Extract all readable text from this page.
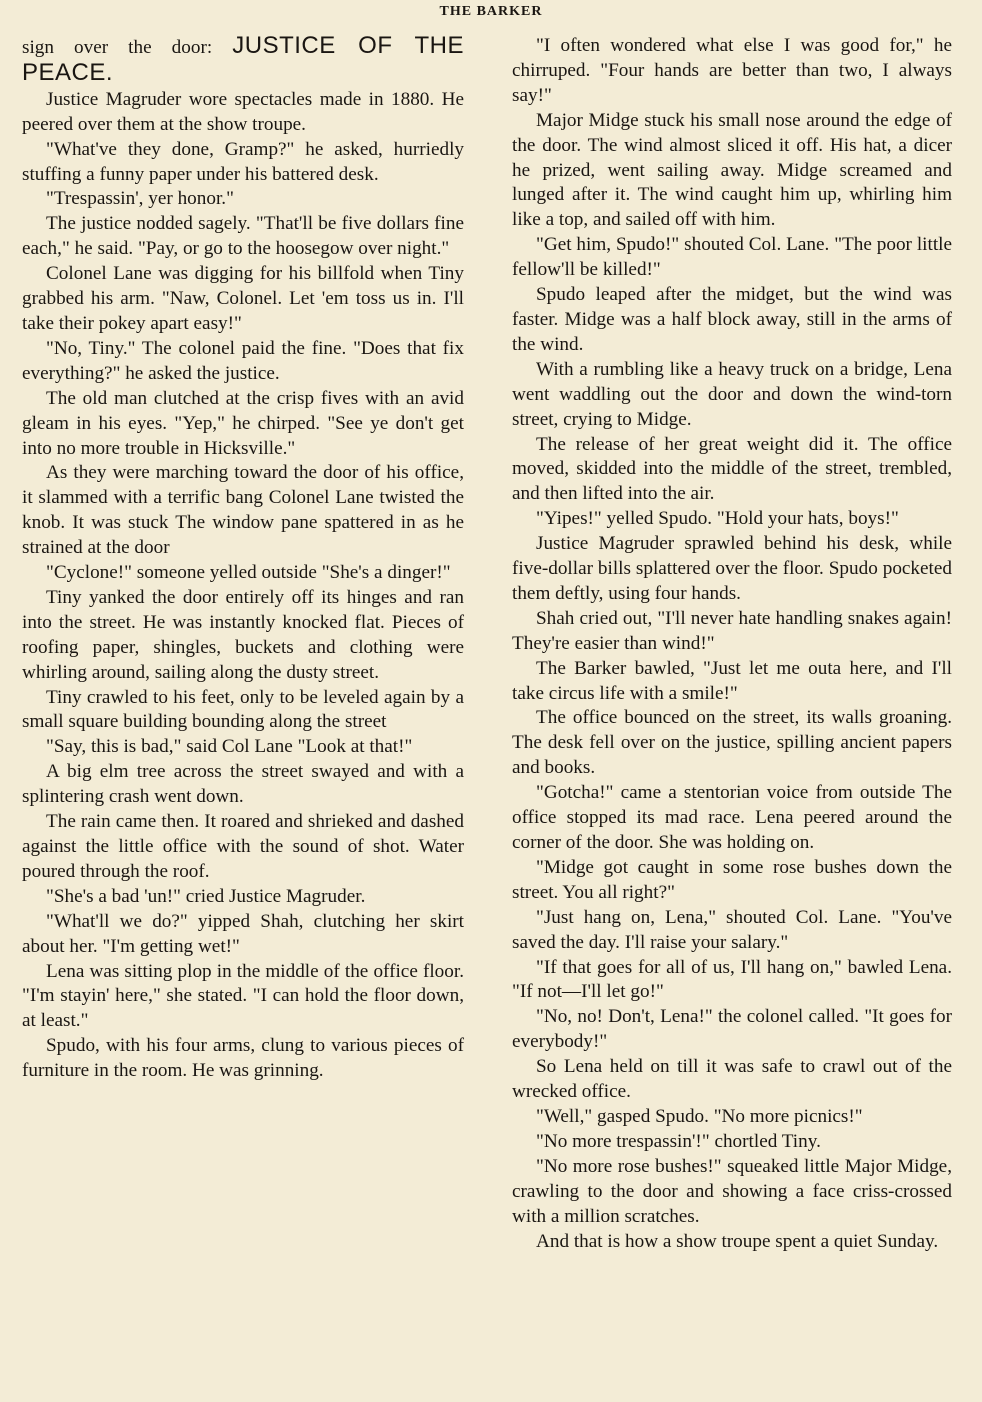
THE BARKER

sign over the door: JUSTICE OF THE PEACE.

Justice Magruder wore spectacles made in 1880. He peered over them at the show troupe.

"What've they done, Gramp?" he asked, hurriedly stuffing a funny paper under his battered desk.

"Trespassin', yer honor."

The justice nodded sagely. "That'll be five dollars fine each," he said. "Pay, or go to the hoosegow over night."

Colonel Lane was digging for his billfold when Tiny grabbed his arm. "Naw, Colonel. Let 'em toss us in. I'll take their pokey apart easy!"

"No, Tiny." The colonel paid the fine. "Does that fix everything?" he asked the justice.

The old man clutched at the crisp fives with an avid gleam in his eyes. "Yep," he chirped. "See ye don't get into no more trouble in Hicksville."

As they were marching toward the door of his office, it slammed with a terrific bang Colonel Lane twisted the knob. It was stuck The window pane spattered in as he strained at the door

"Cyclone!" someone yelled outside "She's a dinger!"

Tiny yanked the door entirely off its hinges and ran into the street. He was instantly knocked flat. Pieces of roofing paper, shingles, buckets and clothing were whirling around, sailing along the dusty street.

Tiny crawled to his feet, only to be leveled again by a small square building bounding along the street

"Say, this is bad," said Col Lane "Look at that!"

A big elm tree across the street swayed and with a splintering crash went down.

The rain came then. It roared and shrieked and dashed against the little office with the sound of shot. Water poured through the roof.

"She's a bad 'un!" cried Justice Magruder.

"What'll we do?" yipped Shah, clutching her skirt about her. "I'm getting wet!"

Lena was sitting plop in the middle of the office floor. "I'm stayin' here," she stated. "I can hold the floor down, at least."

Spudo, with his four arms, clung to various pieces of furniture in the room. He was grinning.

"I often wondered what else I was good for," he chirruped. "Four hands are better than two, I always say!"

Major Midge stuck his small nose around the edge of the door. The wind almost sliced it off. His hat, a dicer he prized, went sailing away. Midge screamed and lunged after it. The wind caught him up, whirling him like a top, and sailed off with him.

"Get him, Spudo!" shouted Col. Lane. "The poor little fellow'll be killed!"

Spudo leaped after the midget, but the wind was faster. Midge was a half block away, still in the arms of the wind.

With a rumbling like a heavy truck on a bridge, Lena went waddling out the door and down the wind-torn street, crying to Midge.

The release of her great weight did it. The office moved, skidded into the middle of the street, trembled, and then lifted into the air.

"Yipes!" yelled Spudo. "Hold your hats, boys!"

Justice Magruder sprawled behind his desk, while five-dollar bills splattered over the floor. Spudo pocketed them deftly, using four hands.

Shah cried out, "I'll never hate handling snakes again! They're easier than wind!"

The Barker bawled, "Just let me outa here, and I'll take circus life with a smile!"

The office bounced on the street, its walls groaning. The desk fell over on the justice, spilling ancient papers and books.

"Gotcha!" came a stentorian voice from outside The office stopped its mad race. Lena peered around the corner of the door. She was holding on.

"Midge got caught in some rose bushes down the street. You all right?"

"Just hang on, Lena," shouted Col. Lane. "You've saved the day. I'll raise your salary."

"If that goes for all of us, I'll hang on," bawled Lena. "If not—I'll let go!"

"No, no! Don't, Lena!" the colonel called. "It goes for everybody!"

So Lena held on till it was safe to crawl out of the wrecked office.

"Well," gasped Spudo. "No more picnics!"

"No more trespassin'!" chortled Tiny.

"No more rose bushes!" squeaked little Major Midge, crawling to the door and showing a face criss-crossed with a million scratches.

And that is how a show troupe spent a quiet Sunday.
